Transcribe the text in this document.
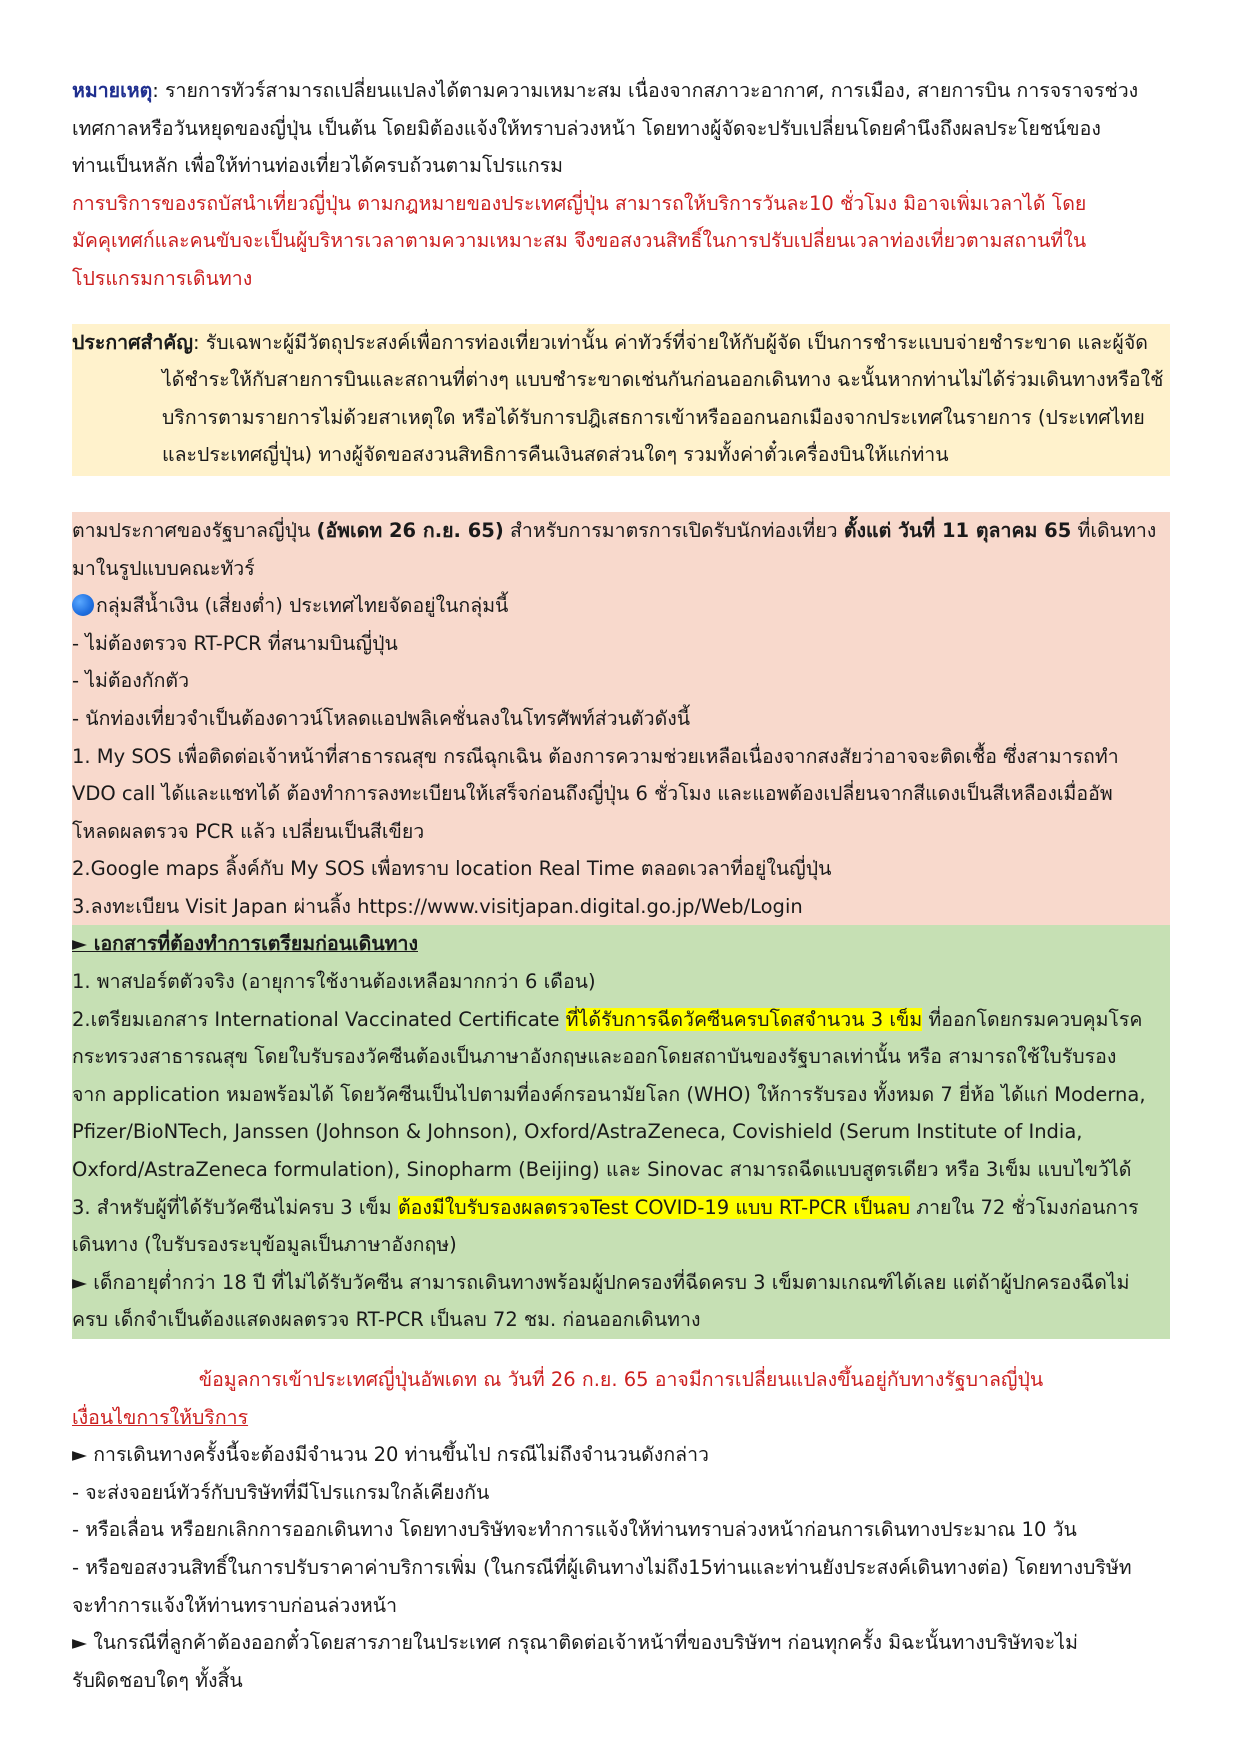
หมายเหตุ: รายการทัวร์สามารถเปลี่ยนแปลงได้ตามความเหมาะสม เนื่องจากสภาวะอากาศ, การเมือง, สายการบิน การจราจรช่วง

เทศกาลหรือวันหยุดของญี่ปุ่น เป็นต้น โดยมิต้องแจ้งให้ทราบล่วงหน้า โดยทางผู้จัดจะปรับเปลี่ยนโดยคำนึงถึงผลประโยชน์ของ

ท่านเป็นหลัก เพื่อให้ท่านท่องเที่ยวได้ครบถ้วนตามโปรแกรม

การบริการของรถบัสนำเที่ยวญี่ปุ่น ตามกฎหมายของประเทศญี่ปุ่น สามารถให้บริการวันละ10 ชั่วโมง มิอาจเพิ่มเวลาได้ โดย

มัคคุเทศก์และคนขับจะเป็นผู้บริหารเวลาตามความเหมาะสม จึงขอสงวนสิทธิ์ในการปรับเปลี่ยนเวลาท่องเที่ยวตามสถานที่ใน

โปรแกรมการเดินทาง

ประกาศสำคัญ: รับเฉพาะผู้มีวัตถุประสงค์เพื่อการท่องเที่ยวเท่านั้น ค่าทัวร์ที่จ่ายให้กับผู้จัด เป็นการชำระแบบจ่ายชำระขาด และผู้จัด

ได้ชำระให้กับสายการบินและสถานที่ต่างๆ แบบชำระขาดเช่นกันก่อนออกเดินทาง ฉะนั้นหากท่านไม่ได้ร่วมเดินทางหรือใช้

บริการตามรายการไม่ด้วยสาเหตุใด หรือได้รับการปฎิเสธการเข้าหรือออกนอกเมืองจากประเทศในรายการ (ประเทศไทย

และประเทศญี่ปุ่น) ทางผู้จัดขอสงวนสิทธิการคืนเงินสดส่วนใดๆ รวมทั้งค่าตั๋วเครื่องบินให้แก่ท่าน

ตามประกาศของรัฐบาลญี่ปุ่น (อัพเดท 26 ก.ย. 65) สำหรับการมาตรการเปิดรับนักท่องเที่ยว ตั้งแต่ วันที่ 11 ตุลาคม 65 ที่เดินทาง

มาในรูปแบบคณะทัวร์

กลุ่มสีน้ำเงิน (เสี่ยงต่ำ) ประเทศไทยจัดอยู่ในกลุ่มนี้

- ไม่ต้องตรวจ RT-PCR ที่สนามบินญี่ปุ่น

- ไม่ต้องกักตัว

- นักท่องเที่ยวจำเป็นต้องดาวน์โหลดแอปพลิเคชั่นลงในโทรศัพท์ส่วนตัวดังนี้

1. My SOS เพื่อติดต่อเจ้าหน้าที่สาธารณสุข กรณีฉุกเฉิน ต้องการความช่วยเหลือเนื่องจากสงสัยว่าอาจจะติดเชื้อ ซึ่งสามารถทำ

VDO call ได้และแชทได้ ต้องทำการลงทะเบียนให้เสร็จก่อนถึงญี่ปุ่น 6 ชั่วโมง และแอพต้องเปลี่ยนจากสีแดงเป็นสีเหลืองเมื่ออัพ

โหลดผลตรวจ PCR แล้ว เปลี่ยนเป็นสีเขียว

2.Google maps ลิ้งค์กับ My SOS เพื่อทราบ location Real Time ตลอดเวลาที่อยู่ในญี่ปุ่น

3.ลงทะเบียน Visit Japan ผ่านลิ้ง https://www.visitjapan.digital.go.jp/Web/Login

► เอกสารที่ต้องทำการเตรียมก่อนเดินทาง

1. พาสปอร์ตตัวจริง (อายุการใช้งานต้องเหลือมากกว่า 6 เดือน)

2.เตรียมเอกสาร International Vaccinated Certificate ที่ได้รับการฉีดวัคซีนครบโดสจำนวน 3 เข็ม ที่ออกโดยกรมควบคุมโรค

กระทรวงสาธารณสุข โดยใบรับรองวัคซีนต้องเป็นภาษาอังกฤษและออกโดยสถาบันของรัฐบาลเท่านั้น หรือ สามารถใช้ใบรับรอง

จาก application หมอพร้อมได้ โดยวัคซีนเป็นไปตามที่องค์กรอนามัยโลก (WHO) ให้การรับรอง ทั้งหมด 7 ยี่ห้อ ได้แก่ Moderna,

Pfizer/BioNTech, Janssen (Johnson & Johnson), Oxford/AstraZeneca, Covishield (Serum Institute of India,

Oxford/AstraZeneca formulation), Sinopharm (Beijing) และ Sinovac สามารถฉีดแบบสูตรเดียว หรือ 3เข็ม แบบไขว้ได้

3. สำหรับผู้ที่ได้รับวัคซีนไม่ครบ 3 เข็ม ต้องมีใบรับรองผลตรวจTest COVID-19 แบบ RT-PCR เป็นลบ ภายใน 72 ชั่วโมงก่อนการ

เดินทาง (ใบรับรองระบุข้อมูลเป็นภาษาอังกฤษ)

► เด็กอายุต่ำกว่า 18 ปี ที่ไม่ได้รับวัคซีน สามารถเดินทางพร้อมผู้ปกครองที่ฉีดครบ 3 เข็มตามเกณฑ์ได้เลย แต่ถ้าผู้ปกครองฉีดไม่

ครบ เด็กจำเป็นต้องแสดงผลตรวจ RT-PCR เป็นลบ 72 ชม. ก่อนออกเดินทาง

ข้อมูลการเข้าประเทศญี่ปุ่นอัพเดท ณ วันที่ 26 ก.ย. 65 อาจมีการเปลี่ยนแปลงขึ้นอยู่กับทางรัฐบาลญี่ปุ่น

เงื่อนไขการให้บริการ

► การเดินทางครั้งนี้จะต้องมีจำนวน 20 ท่านขึ้นไป กรณีไม่ถึงจำนวนดังกล่าว

- จะส่งจอยน์ทัวร์กับบริษัทที่มีโปรแกรมใกล้เคียงกัน

- หรือเลื่อน หรือยกเลิกการออกเดินทาง โดยทางบริษัทจะทำการแจ้งให้ท่านทราบล่วงหน้าก่อนการเดินทางประมาณ 10 วัน

- หรือขอสงวนสิทธิ์ในการปรับราคาค่าบริการเพิ่ม (ในกรณีที่ผู้เดินทางไม่ถึง15ท่านและท่านยังประสงค์เดินทางต่อ) โดยทางบริษัท

จะทำการแจ้งให้ท่านทราบก่อนล่วงหน้า

► ในกรณีที่ลูกค้าต้องออกตั๋วโดยสารภายในประเทศ กรุณาติดต่อเจ้าหน้าที่ของบริษัทฯ ก่อนทุกครั้ง มิฉะนั้นทางบริษัทจะไม่

รับผิดชอบใดๆ ทั้งสิ้น
